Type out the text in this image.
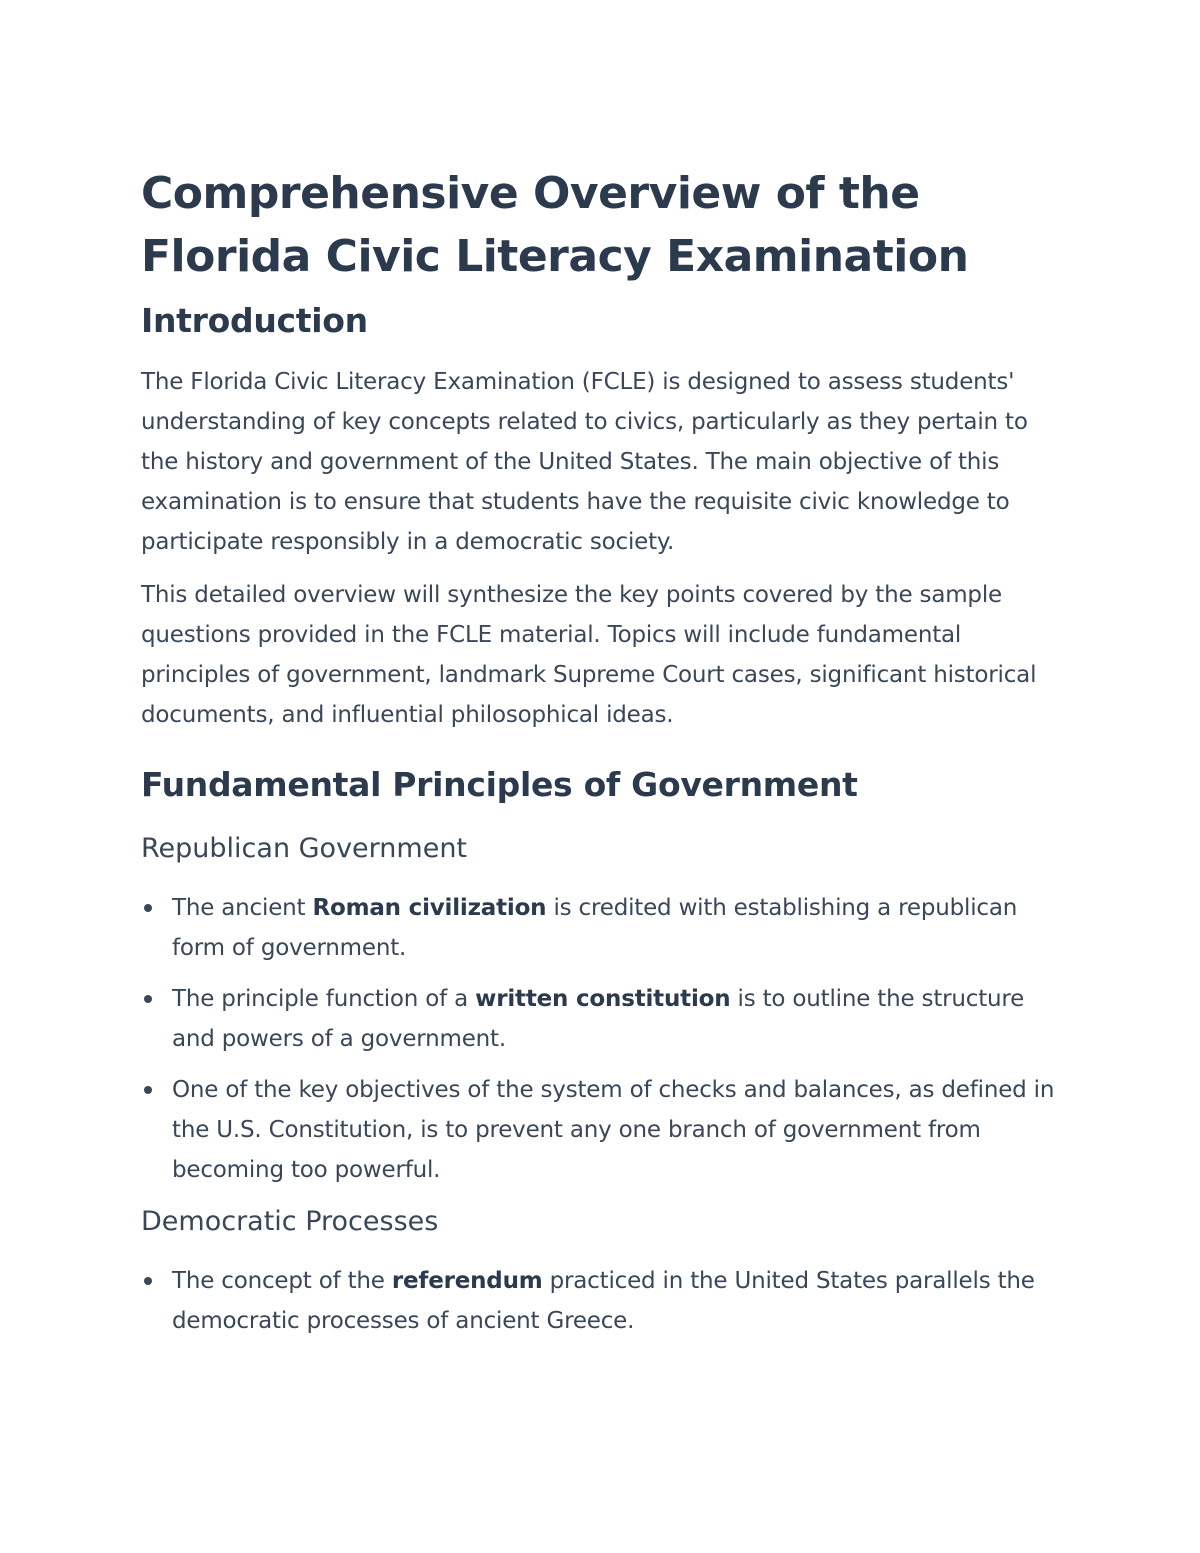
Comprehensive Overview of the Florida Civic Literacy Examination
Introduction

The Florida Civic Literacy Examination (FCLE) is designed to assess students' understanding of key concepts related to civics, particularly as they pertain to the history and government of the United States. The main objective of this examination is to ensure that students have the requisite civic knowledge to participate responsibly in a democratic society.

This detailed overview will synthesize the key points covered by the sample questions provided in the FCLE material. Topics will include fundamental principles of government, landmark Supreme Court cases, significant historical documents, and influential philosophical ideas.

Fundamental Principles of Government
Republican Government
The ancient Roman civilization is credited with establishing a republican form of government.
The principle function of a written constitution is to outline the structure and powers of a government.
One of the key objectives of the system of checks and balances, as defined in the U.S. Constitution, is to prevent any one branch of government from becoming too powerful.
Democratic Processes
The concept of the referendum practiced in the United States parallels the democratic processes of ancient Greece.
